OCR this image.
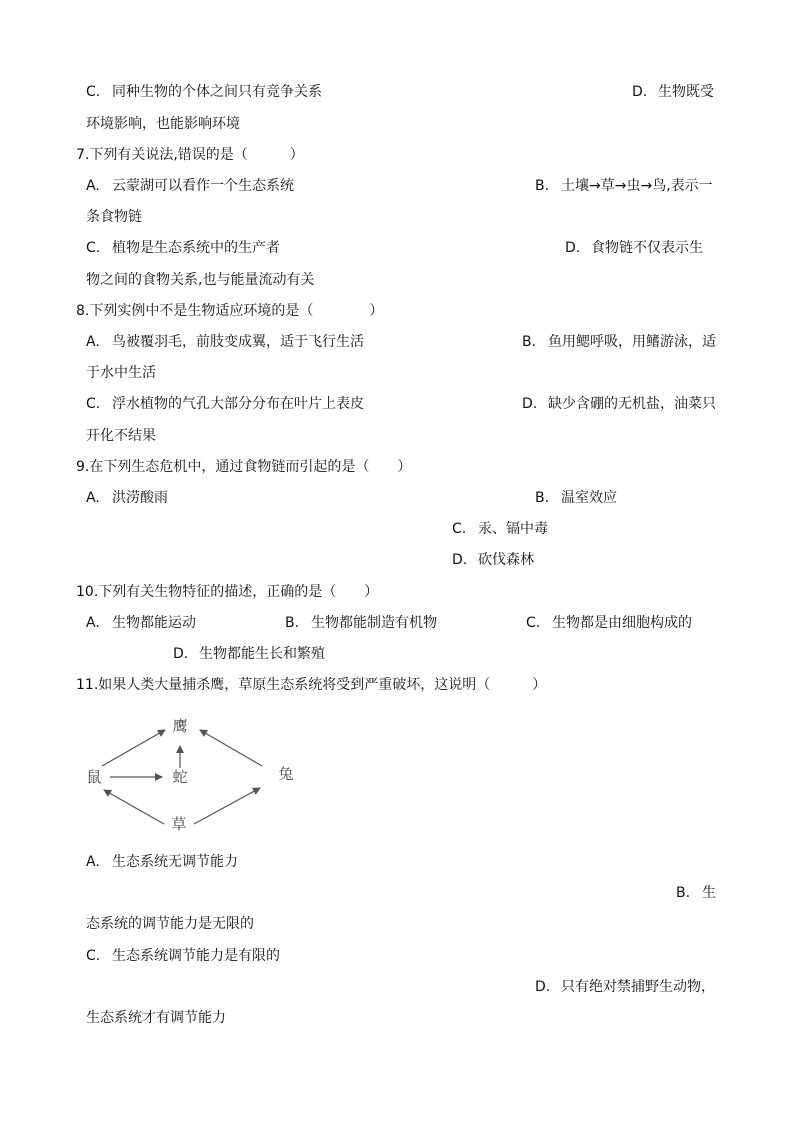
C. 同种生物的个体之间只有竞争关系	D. 生物既受
环境影响，也能影响环境
7.下列有关说法,错误的是（　　　）
A. 云蒙湖可以看作一个生态系统	B. 土壤→草→虫→鸟,表示一
条食物链
C. 植物是生态系统中的生产者	D. 食物链不仅表示生
物之间的食物关系,也与能量流动有关
8.下列实例中不是生物适应环境的是（　　　　）
A. 鸟被覆羽毛，前肢变成翼，适于飞行生活	B. 鱼用鳃呼吸，用鳍游泳，适
于水中生活
C. 浮水植物的气孔大部分分布在叶片上表皮	D. 缺少含硼的无机盐，油菜只
开化不结果
9.在下列生态危机中，通过食物链而引起的是（　　）
A. 洪涝酸雨	B. 温室效应
C. 汞、镉中毒
D. 砍伐森林
10.下列有关生物特征的描述，正确的是（　　）
A. 生物都能运动	B. 生物都能制造有机物	C. 生物都是由细胞构成的
D. 生物都能生长和繁殖
11.如果人类大量捕杀鹰，草原生态系统将受到严重破坏，这说明（　　　）
鹰
鼠	蛇	兔
草
A. 生态系统无调节能力
B. 生
态系统的调节能力是无限的
C. 生态系统调节能力是有限的
D. 只有绝对禁捕野生动物，
生态系统才有调节能力
